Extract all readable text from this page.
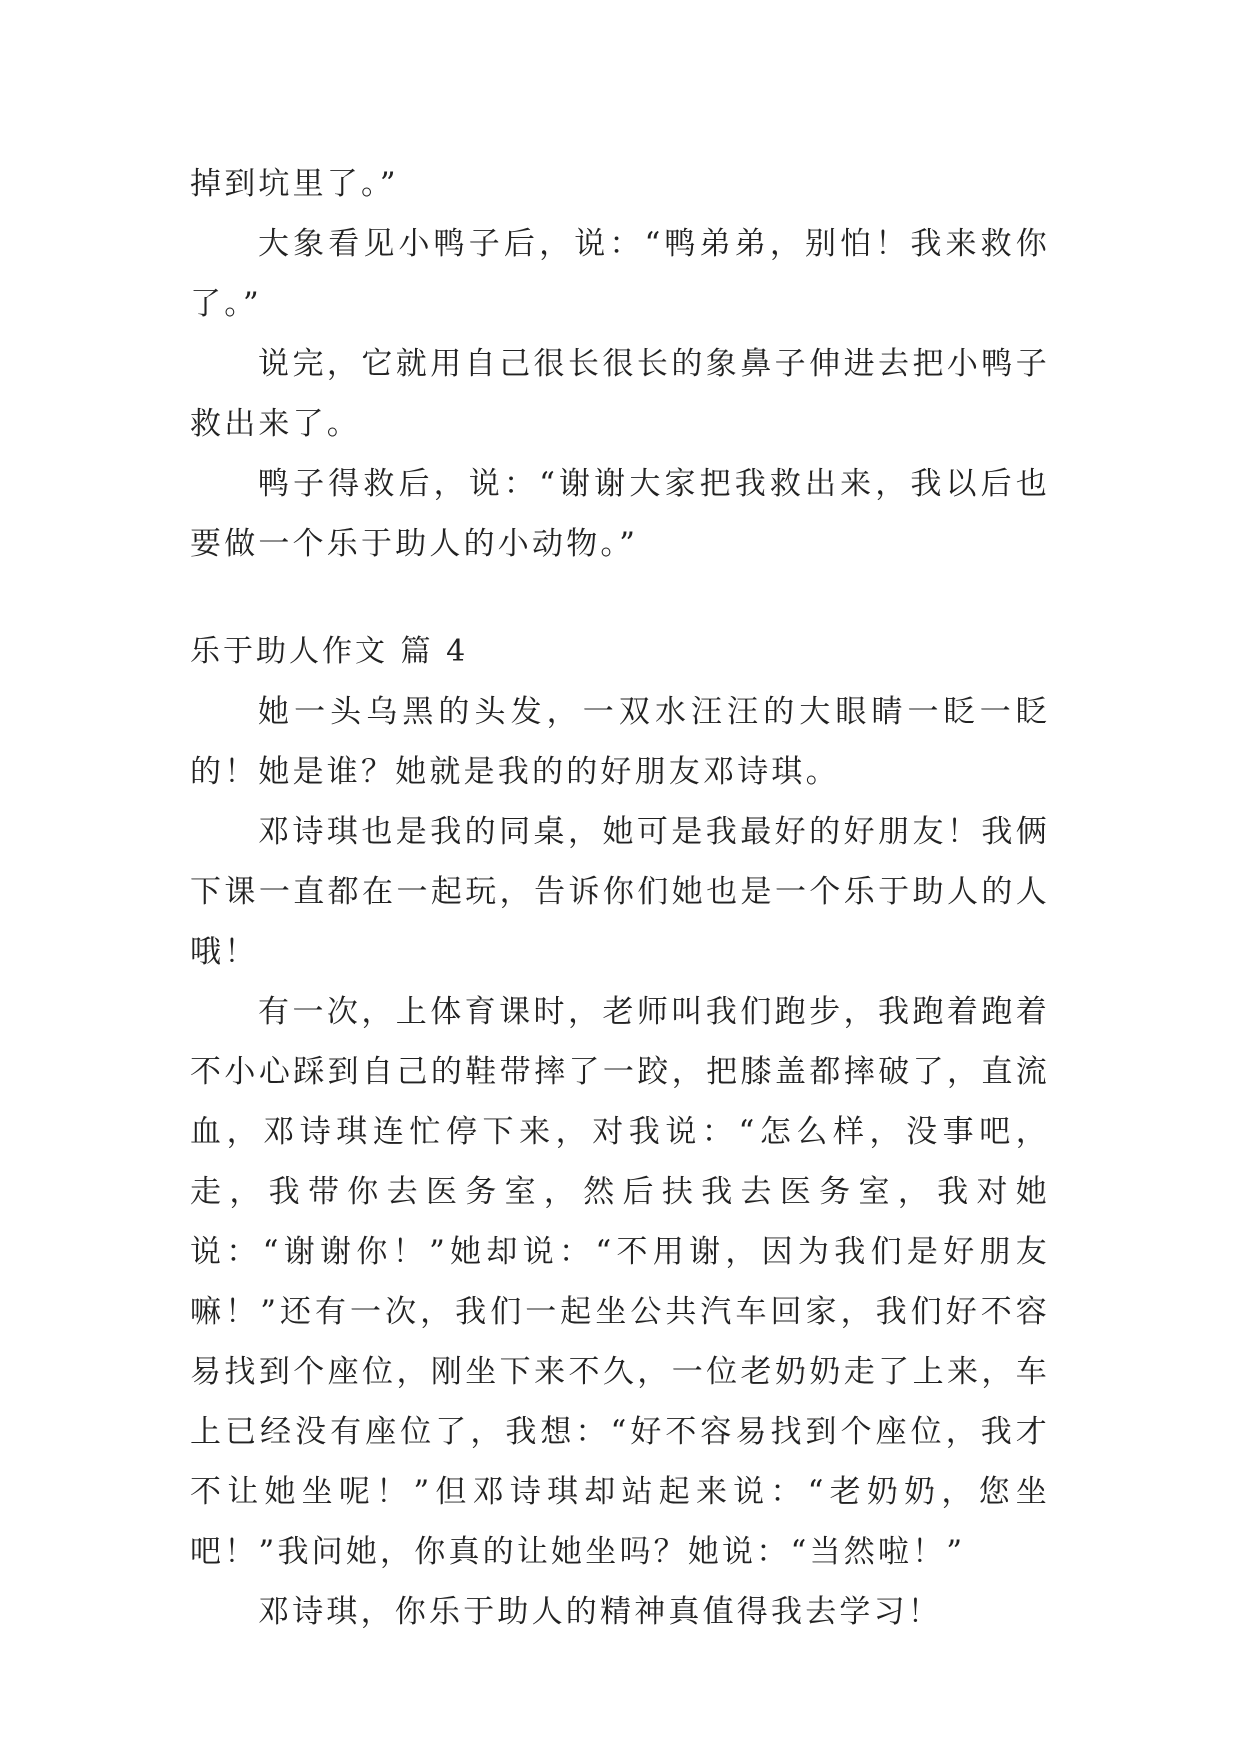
掉到坑里了。”

大象看见小鸭子后，说：“鸭弟弟，别怕！我来救你了。”

说完，它就用自己很长很长的象鼻子伸进去把小鸭子救出来了。

鸭子得救后，说：“谢谢大家把我救出来，我以后也要做一个乐于助人的小动物。”

乐于助人作文 篇 4

她一头乌黑的头发，一双水汪汪的大眼睛一眨一眨的！她是谁？她就是我的的好朋友邓诗琪。

邓诗琪也是我的同桌，她可是我最好的好朋友！我俩下课一直都在一起玩，告诉你们她也是一个乐于助人的人哦！

有一次，上体育课时，老师叫我们跑步，我跑着跑着不小心踩到自己的鞋带摔了一跤，把膝盖都摔破了，直流血，邓诗琪连忙停下来，对我说：“怎么样，没事吧，走，我带你去医务室，然后扶我去医务室，我对她说：“谢谢你！”她却说：“不用谢，因为我们是好朋友嘛！”还有一次，我们一起坐公共汽车回家，我们好不容易找到个座位，刚坐下来不久，一位老奶奶走了上来，车上已经没有座位了，我想：“好不容易找到个座位，我才不让她坐呢！”但邓诗琪却站起来说：“老奶奶，您坐吧！”我问她，你真的让她坐吗？她说：“当然啦！”

邓诗琪，你乐于助人的精神真值得我去学习！
